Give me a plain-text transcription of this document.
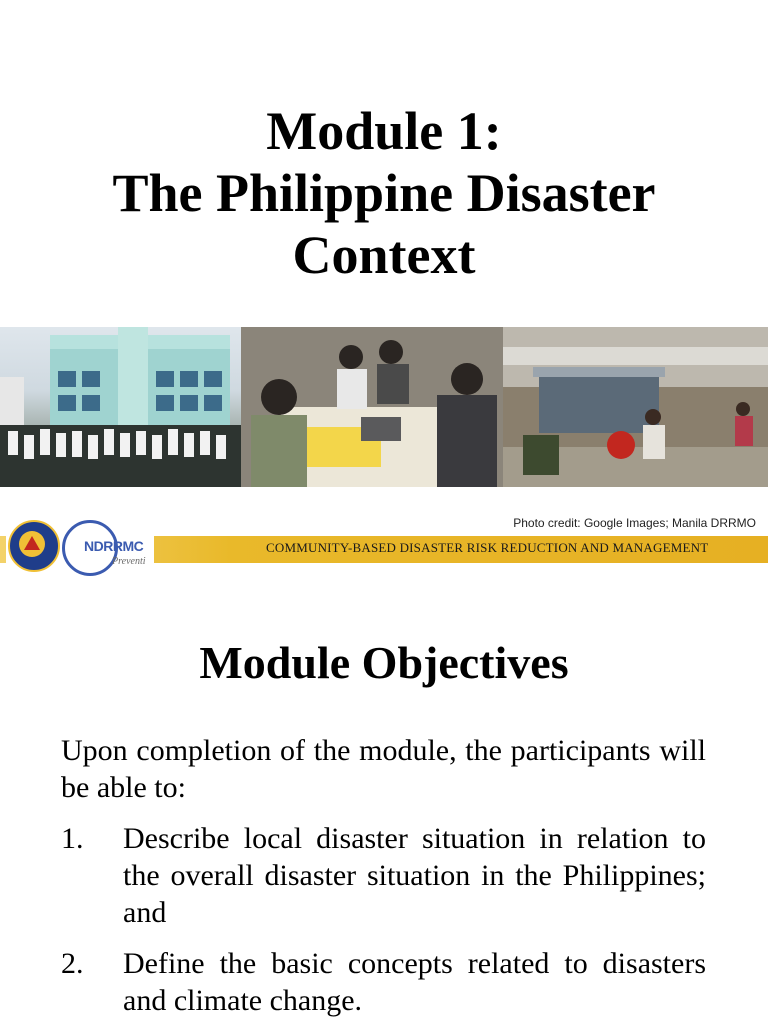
Module 1:
The Philippine Disaster
Context
Photo credit: Google Images; Manila DRRMO
COMMUNITY-BASED DISASTER RISK REDUCTION AND MANAGEMENT
NDRRMC
Preventi
Module Objectives
Upon completion of the module, the participants will be able to:
1.	Describe local disaster situation in relation to the overall disaster situation in the Philippines; and
2.	Define the basic concepts related to disasters and climate change.
